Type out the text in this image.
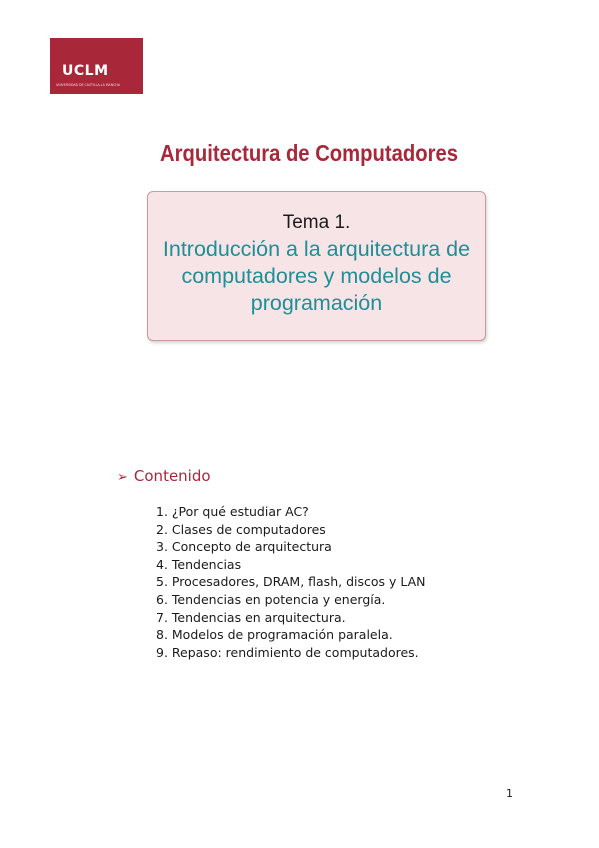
UCLM
UNIVERSIDAD DE CASTILLA-LA MANCHA
Arquitectura de Computadores
Tema 1.
Introducción a la arquitectura de computadores y modelos de programación
➢ Contenido
1. ¿Por qué estudiar AC?
2. Clases de computadores
3. Concepto de arquitectura
4. Tendencias
5. Procesadores, DRAM, flash, discos y LAN
6. Tendencias en potencia y energía.
7. Tendencias en arquitectura.
8. Modelos de programación paralela.
9. Repaso: rendimiento de computadores.
1
